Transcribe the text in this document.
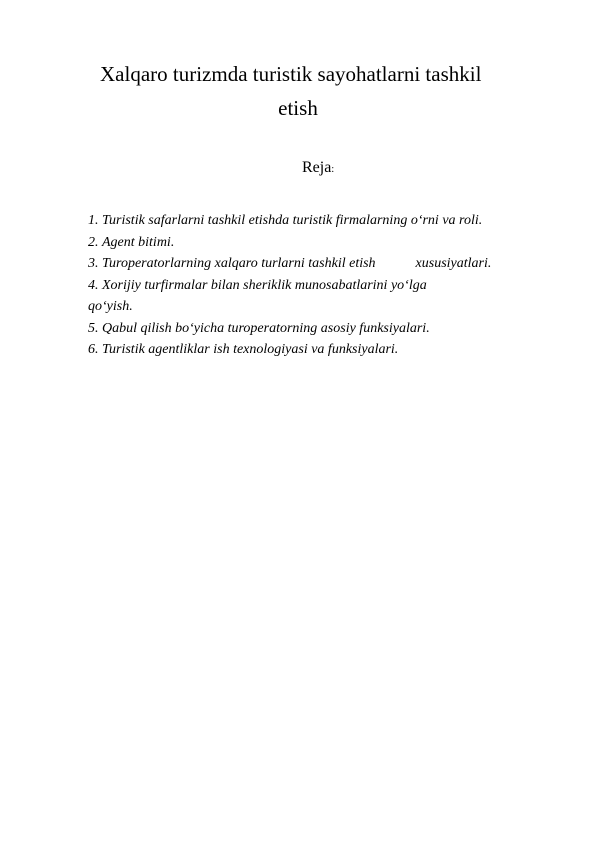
Xalqaro turizmda turistik sayohatlarni tashkil
etish
Reja:
1. Turistik safarlarni tashkil etishda turistik firmalarning o‘rni va roli.
2. Agent bitimi.
3. Turoperatorlarning xalqaro turlarni tashkil etish	xususiyatlari.
4. Xorijiy turfirmalar bilan sheriklik munosabatlarini yo‘lga
qo‘yish.
5. Qabul qilish bo‘yicha turoperatorning asosiy funksiyalari.
6. Turistik agentliklar ish texnologiyasi va funksiyalari.
